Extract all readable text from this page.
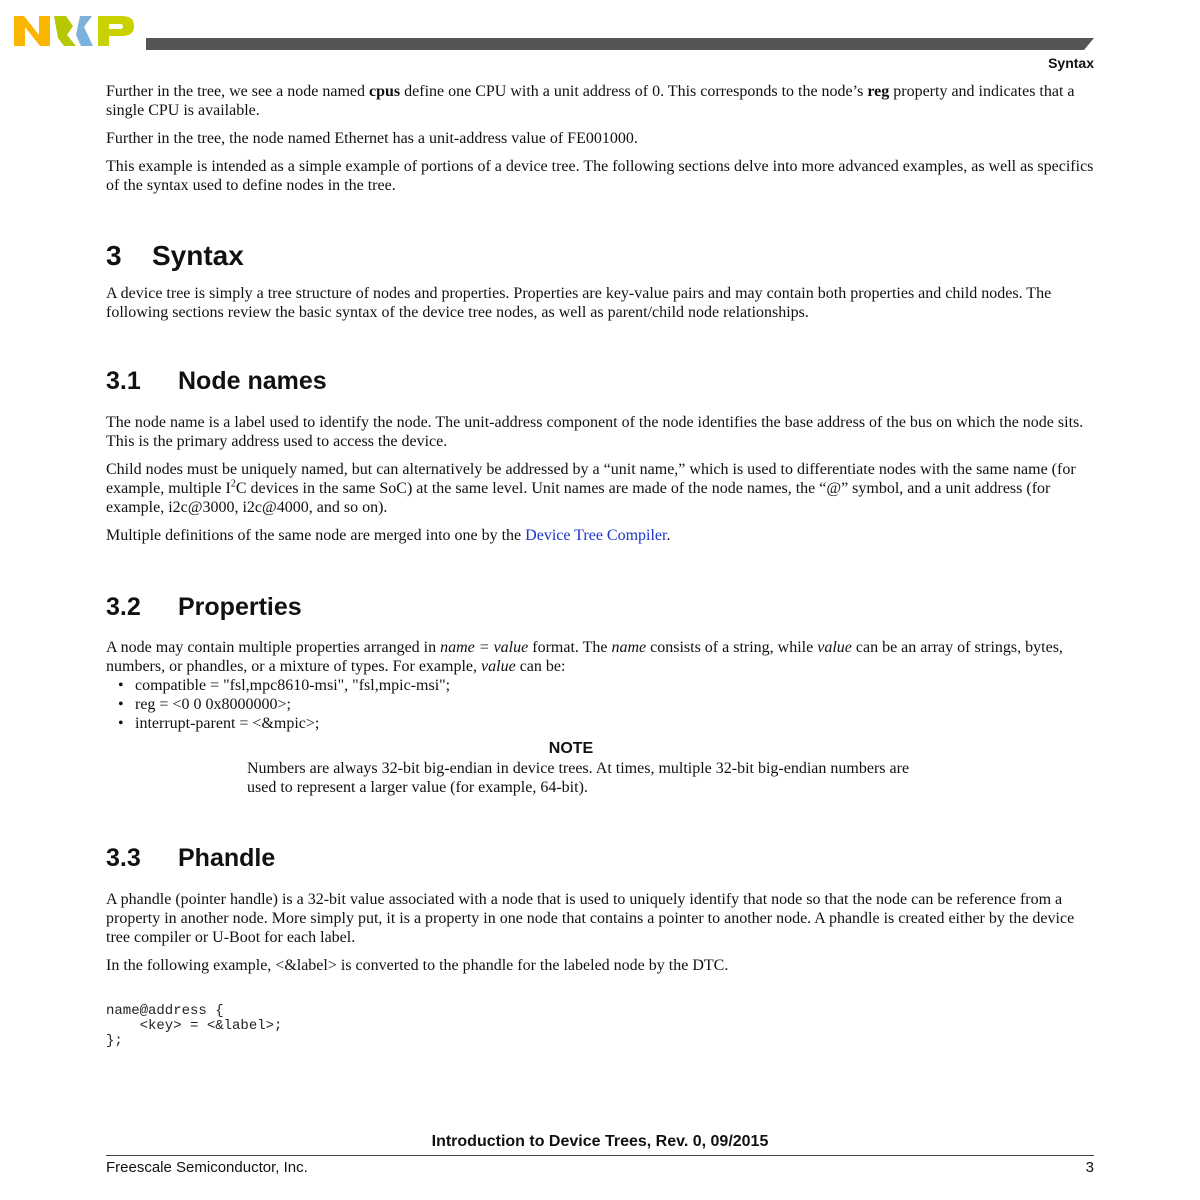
Syntax

Further in the tree, we see a node named cpus define one CPU with a unit address of 0. This corresponds to the node’s reg property and indicates that a single CPU is available.

Further in the tree, the node named Ethernet has a unit-address value of FE001000.

This example is intended as a simple example of portions of a device tree. The following sections delve into more advanced examples, as well as specifics of the syntax used to define nodes in the tree.

3 Syntax

A device tree is simply a tree structure of nodes and properties. Properties are key-value pairs and may contain both properties and child nodes. The following sections review the basic syntax of the device tree nodes, as well as parent/child node relationships.

3.1 Node names

The node name is a label used to identify the node. The unit-address component of the node identifies the base address of the bus on which the node sits. This is the primary address used to access the device.

Child nodes must be uniquely named, but can alternatively be addressed by a “unit name,” which is used to differentiate nodes with the same name (for example, multiple $I^2C$ devices in the same SoC) at the same level. Unit names are made of the node names, the “@” symbol, and a unit address (for example, i2c@3000, i2c@4000, and so on).

Multiple definitions of the same node are merged into one by the Device Tree Compiler.

3.2 Properties

A node may contain multiple properties arranged in name = value format. The name consists of a string, while value can be an array of strings, bytes, numbers, or phandles, or a mixture of types. For example, value can be:

• compatible = "fsl,mpc8610-msi", "fsl,mpic-msi";
• reg = <0 0 0x8000000>;
• interrupt-parent = <&mpic>;
NOTE
Numbers are always 32-bit big-endian in device trees. At times, multiple 32-bit big-endian numbers are used to represent a larger value (for example, 64-bit).
3.3 Phandle

A phandle (pointer handle) is a 32-bit value associated with a node that is used to uniquely identify that node so that the node can be reference from a property in another node. More simply put, it is a property in one node that contains a pointer to another node. A phandle is created either by the device tree compiler or U-Boot for each label.

In the following example, <&label> is converted to the phandle for the labeled node by the DTC.

name@address {
<key> = <&label>;
};
Introduction to Device Trees, Rev. 0, 09/2015
Freescale Semiconductor, Inc.	3
